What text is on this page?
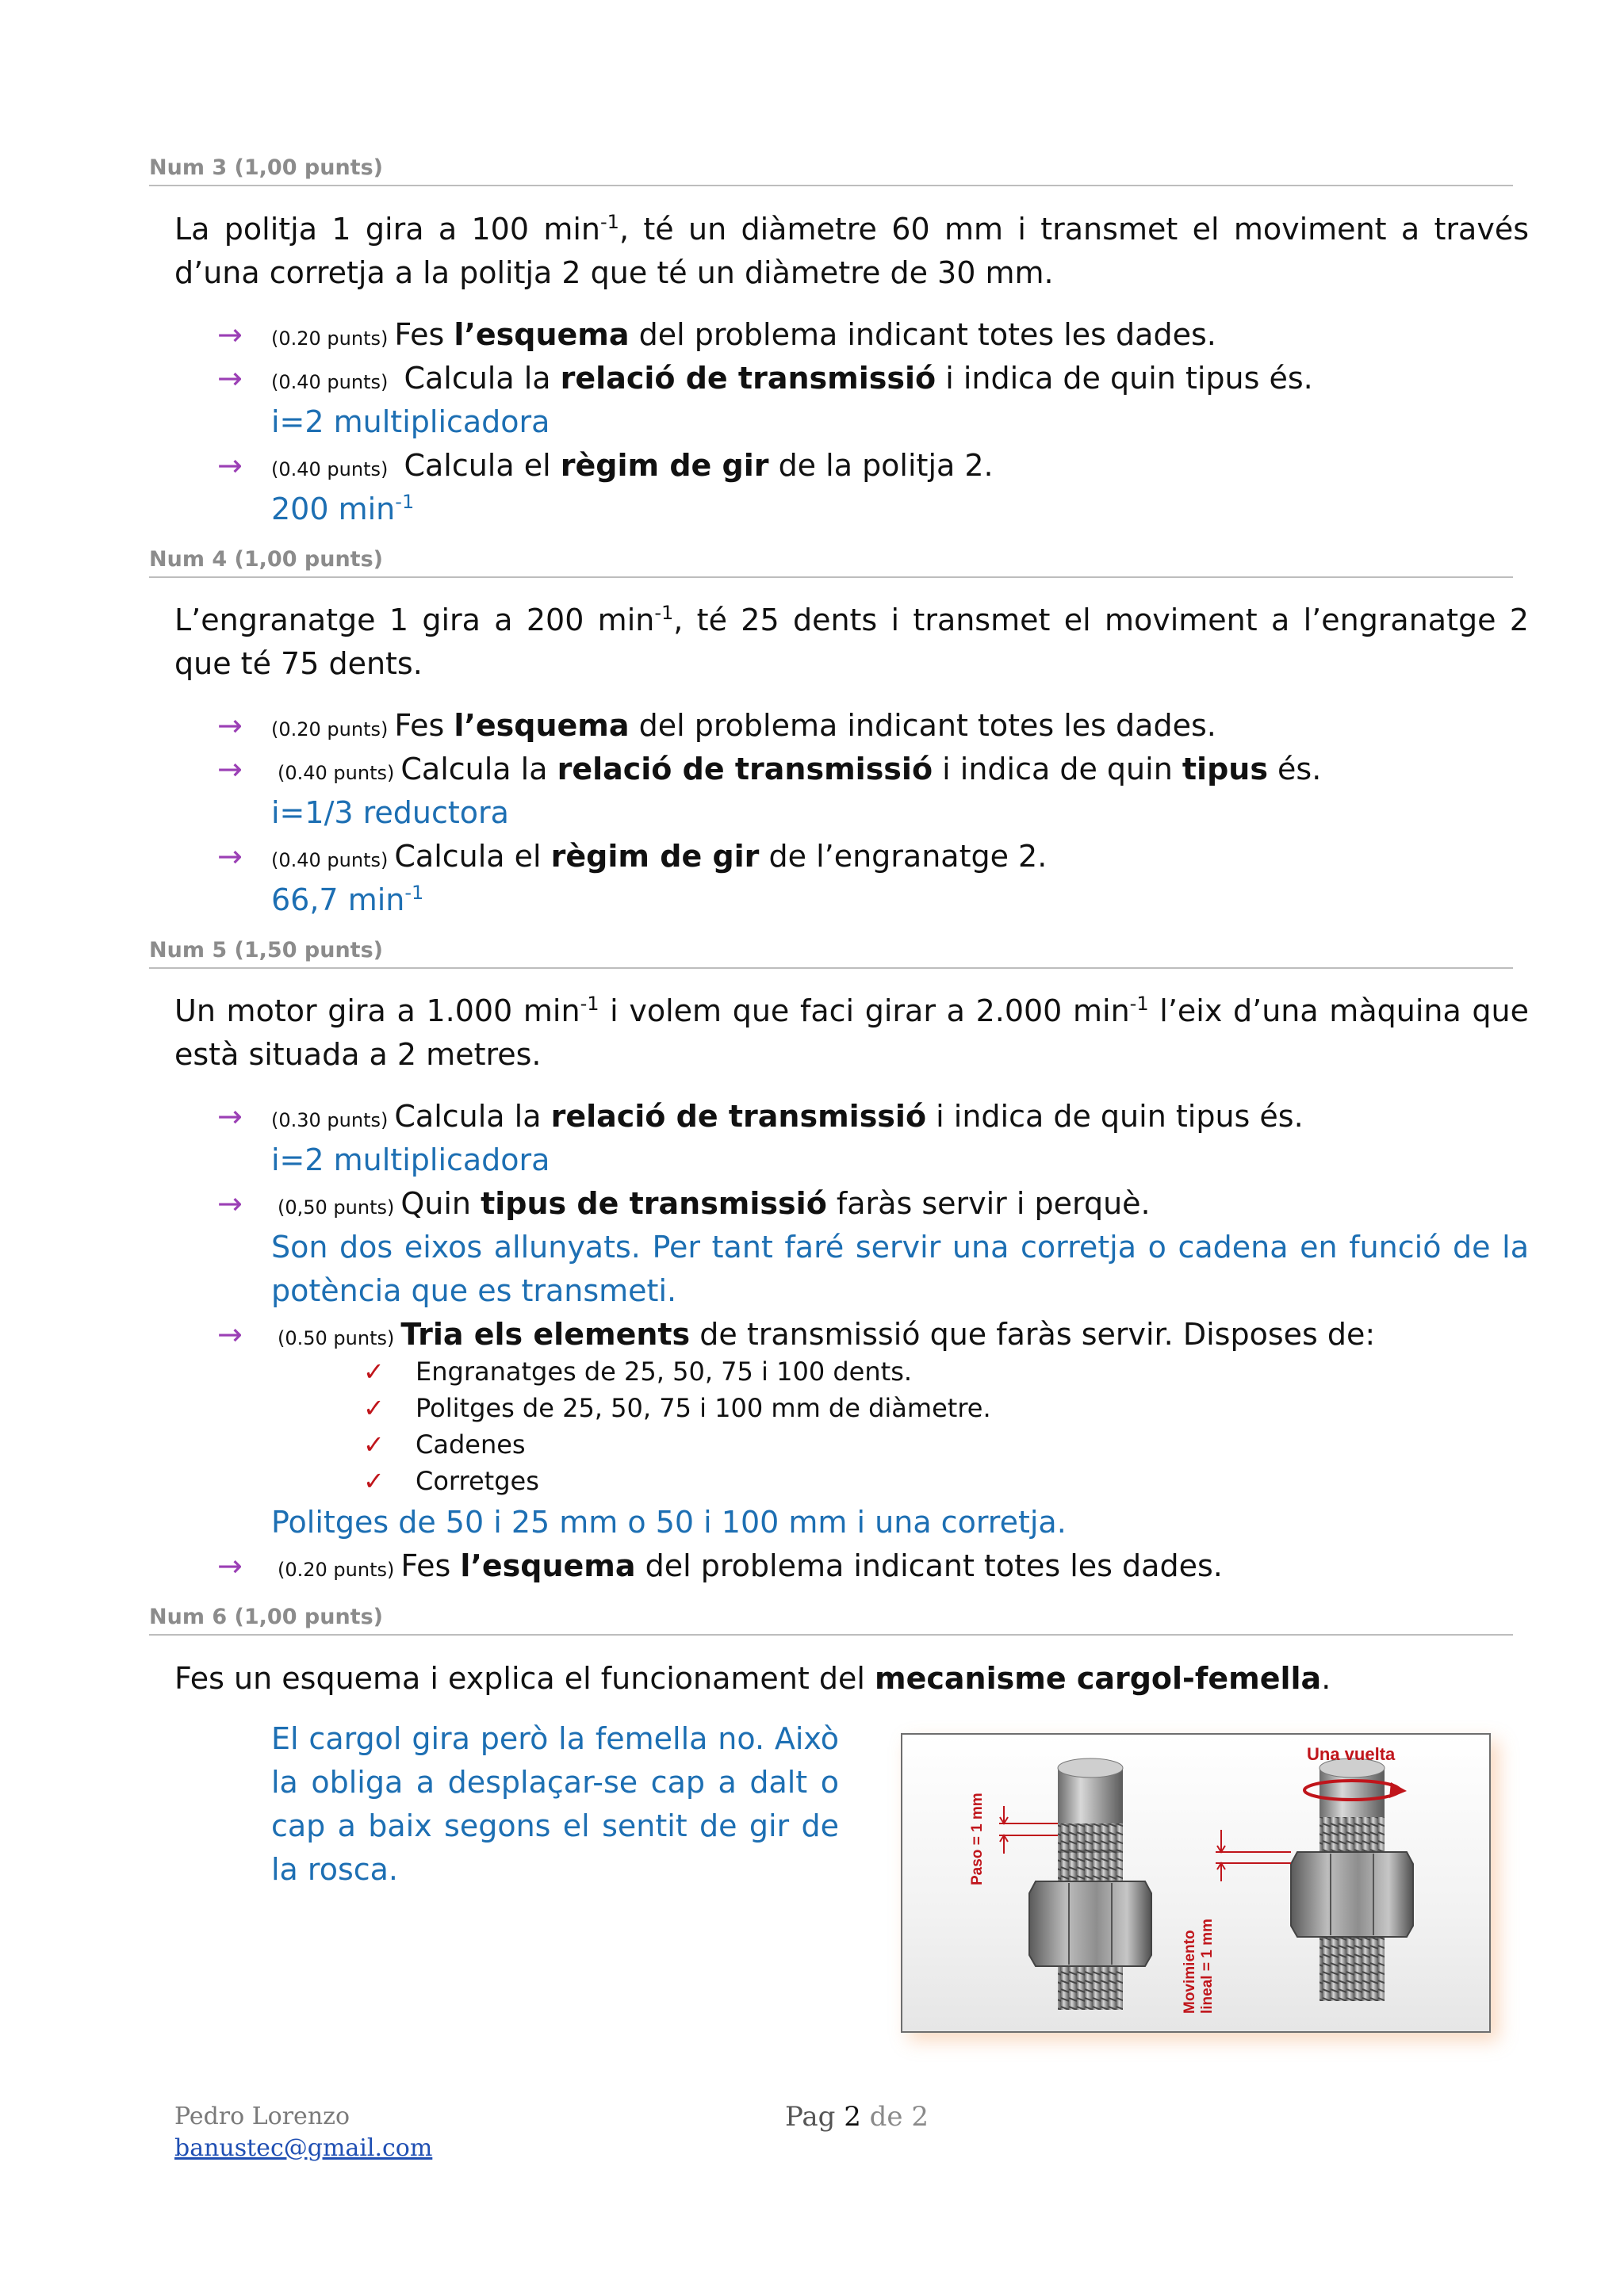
Num 3 (1,00 punts)
La politja 1 gira a 100 $\min^{-1}$, té un diàmetre 60 mm i transmet el moviment a través d’una corretja a la politja 2 que té un diàmetre de 30 mm.
→ (0.20 punts) Fes l’esquema del problema indicant totes les dades.
→ (0.40 punts) Calcula la relació de transmissió i indica de quin tipus és.
i=2 multiplicadora
→ (0.40 punts) Calcula el règim de gir de la politja 2.
200 $\min^{-1}$
Num 4 (1,00 punts)
L’engranatge 1 gira a 200 $\min^{-1}$, té 25 dents i transmet el moviment a l’engranatge 2 que té 75 dents.
→ (0.20 punts) Fes l’esquema del problema indicant totes les dades.
→ (0.40 punts) Calcula la relació de transmissió i indica de quin tipus és.
i=1/3 reductora
→ (0.40 punts) Calcula el règim de gir de l’engranatge 2.
66,7 $\min^{-1}$
Num 5 (1,50 punts)
Un motor gira a 1.000 $\min^{-1} i$ volem que faci girar a 2.000 $\min^{-1}$ l’eix d’una màquina que està situada a 2 metres.
→ (0.30 punts) Calcula la relació de transmissió i indica de quin tipus és.
i=2 multiplicadora
→ (0,50 punts) Quin tipus de transmissió faràs servir i perquè.
Son dos eixos allunyats. Per tant faré servir una corretja o cadena en funció de la potència que es transmeti.
→ (0.50 punts) Tria els elements de transmissió que faràs servir. Disposes de:
✓ Engranatges de 25, 50, 75 i 100 dents.
✓ Politges de 25, 50, 75 i 100 mm de diàmetre.
✓ Cadenes
✓ Corretges
Politges de 50 i 25 mm o 50 i 100 mm i una corretja.
→ (0.20 punts) Fes l’esquema del problema indicant totes les dades.
Num 6 (1,00 punts)
Fes un esquema i explica el funcionament del mecanisme cargol-femella.
El cargol gira però la femella no. Això la obliga a desplaçar-se cap a dalt o cap a baix segons el sentit de gir de la rosca.
Una vuelta
Paso = 1 mm
Movimiento lineal = 1 mm
Pedro Lorenzo
banustec@gmail.com
Pag 2 de 2
